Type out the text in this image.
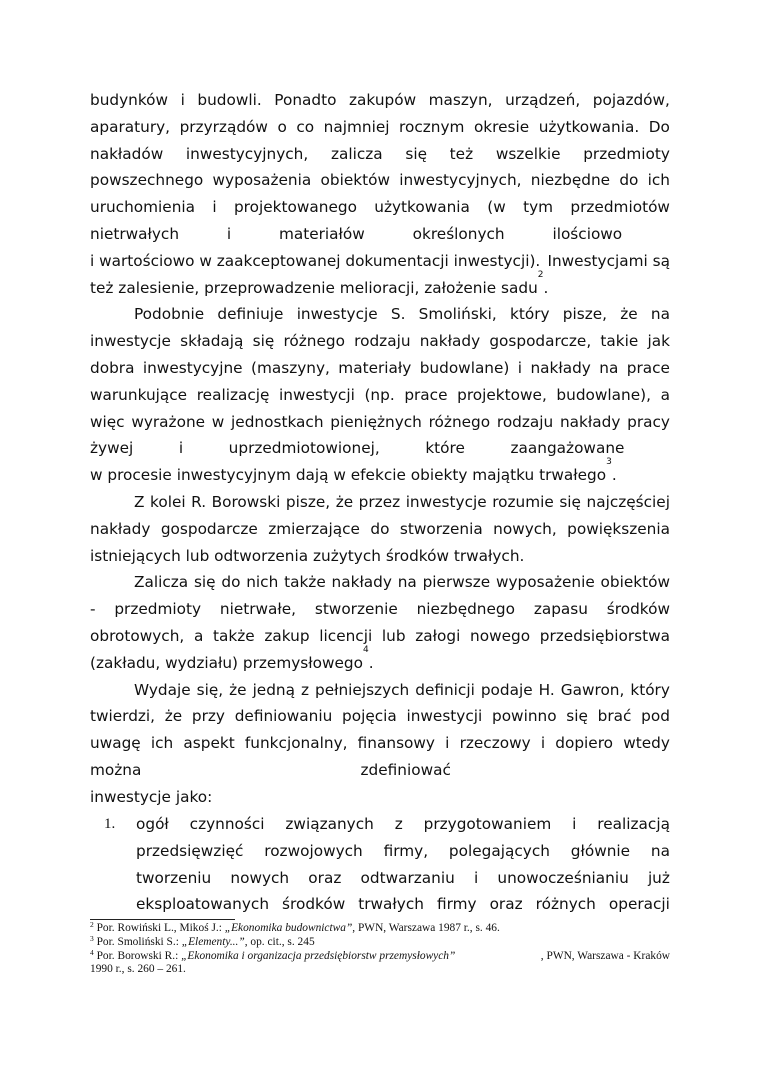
budynków i budowli. Ponadto zakupów maszyn, urządzeń, pojazdów,
aparatury, przyrządów o co najmniej rocznym okresie użytkowania. Do
nakładów inwestycyjnych, zalicza się też wszelkie przedmioty
powszechnego wyposażenia obiektów inwestycyjnych, niezbędne do ich
uruchomienia i projektowanego użytkowania (w tym przedmiotów
nietrwałych	i	materiałów	określonych	ilościowo
i wartościowo w zaakceptowanej dokumentacji inwestycji). Inwestycjami są
też zalesienie, przeprowadzenie melioracji, założenie sadu
2
.
Podobnie definiuje inwestycje S. Smoliński, który pisze, że na
inwestycje składają się różnego rodzaju nakłady gospodarcze, takie jak
dobra inwestycyjne (maszyny, materiały budowlane) i nakłady na prace
warunkujące realizację inwestycji (np. prace projektowe, budowlane), a
więc wyrażone w jednostkach pieniężnych różnego rodzaju nakłady pracy
żywej	i	uprzedmiotowionej,	które	zaangażowane
w procesie inwestycyjnym dają w efekcie obiekty majątku trwałego
3
.
Z kolei R. Borowski pisze, że przez inwestycje rozumie się najczęściej
nakłady gospodarcze zmierzające do stworzenia nowych, powiększenia
istniejących lub odtworzenia zużytych środków trwałych.
Zalicza się do nich także nakłady na pierwsze wyposażenie obiektów
- przedmioty nietrwałe, stworzenie niezbędnego zapasu środków
obrotowych, a także zakup licencji lub załogi nowego przedsiębiorstwa
(zakładu, wydziału) przemysłowego
4
.
Wydaje się, że jedną z pełniejszych definicji podaje H. Gawron, który
twierdzi, że przy definiowaniu pojęcia inwestycji powinno się brać pod
uwagę ich aspekt funkcjonalny, finansowy i rzeczowy i dopiero wtedy
można	zdefiniować
inwestycje jako:
1. ogół czynności związanych z przygotowaniem i realizacją
przedsięwzięć rozwojowych firmy, polegających głównie na
tworzeniu nowych oraz odtwarzaniu i unowocześnianiu już
eksploatowanych środków trwałych firmy oraz różnych operacji
$^2$ Por. Rowiński L., Mikoś J.: „Ekonomika budownictwa”, PWN, Warszawa 1987 r., s. 46.
$^3$ Por. Smoliński S.: „Elementy...”, op. cit., s. 245
$^4$ Por. Borowski R.: „Ekonomika i organizacja przedsiębiorstw przemysłowych”	, PWN, Warszawa - Kraków
1990 r., s. 260 – 261.
